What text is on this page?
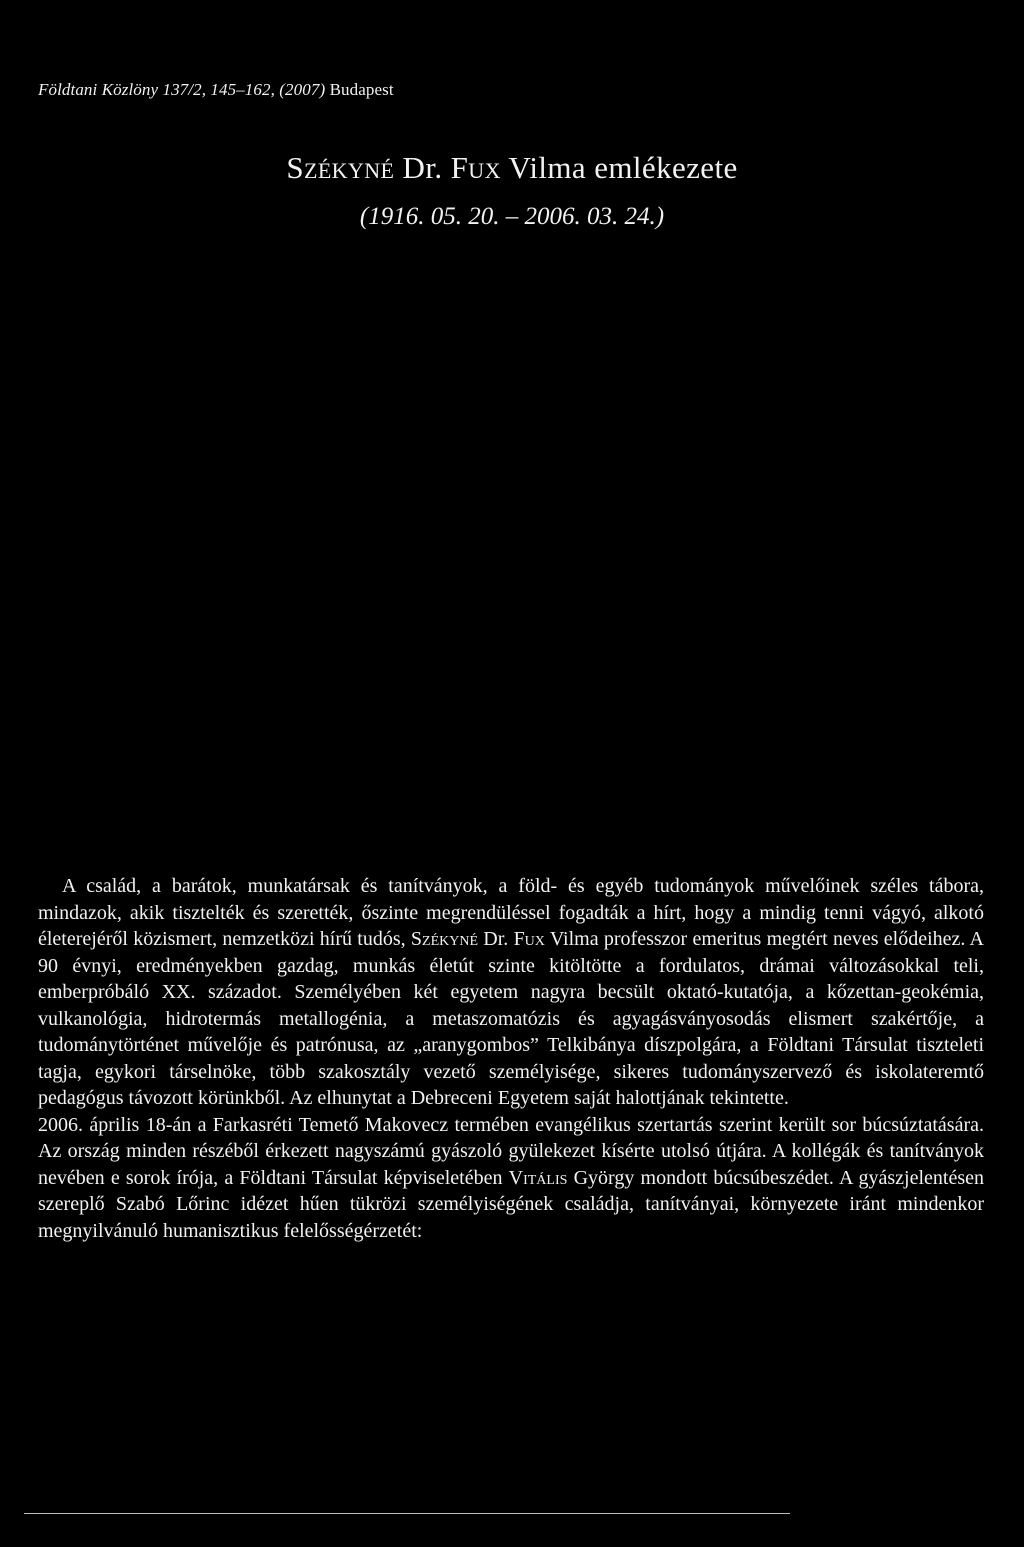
Földtani Közlöny 137/2, 145–162, (2007) Budapest
Székyné Dr. Fux Vilma emlékezete
(1916. 05. 20. – 2006. 03. 24.)

A család, a barátok, munkatársak és tanítványok, a föld- és egyéb tudományok művelőinek széles tábora, mindazok, akik tisztelték és szerették, őszinte megrendüléssel fogadták a hírt, hogy a mindig tenni vágyó, alkotó életerejéről közismert, nemzetközi hírű tudós, Székyné Dr. Fux Vilma professzor emeritus megtért neves elődeihez. A 90 évnyi, eredményekben gazdag, munkás életút szinte kitöltötte a fordulatos, drámai változásokkal teli, emberpróbáló XX. századot. Személyében két egyetem nagyra becsült oktató-kutatója, a kőzettan-geokémia, vulkanológia, hidrotermás metallogénia, a metaszomatózis és agyagásványosodás elismert szakértője, a tudománytörténet művelője és patrónusa, az „aranygombos” Telkibánya díszpolgára, a Földtani Társulat tiszteleti tagja, egykori társelnöke, több szakosztály vezető személyisége, sikeres tudományszervező és iskolateremtő pedagógus távozott körünkből. Az elhunytat a Debreceni Egyetem saját halottjának tekintette.

2006. április 18-án a Farkasréti Temető Makovecz termében evangélikus szertartás szerint került sor búcsúztatására. Az ország minden részéből érkezett nagyszámú gyászoló gyülekezet kísérte utolsó útjára. A kollégák és tanítványok nevében e sorok írója, a Földtani Társulat képviseletében Vitális György mondott búcsúbeszédet. A gyászjelentésen szereplő Szabó Lőrinc idézet hűen tükrözi személyiségének családja, tanítványai, környezete iránt mindenkor megnyilvánuló humanisztikus felelősségérzetét:
